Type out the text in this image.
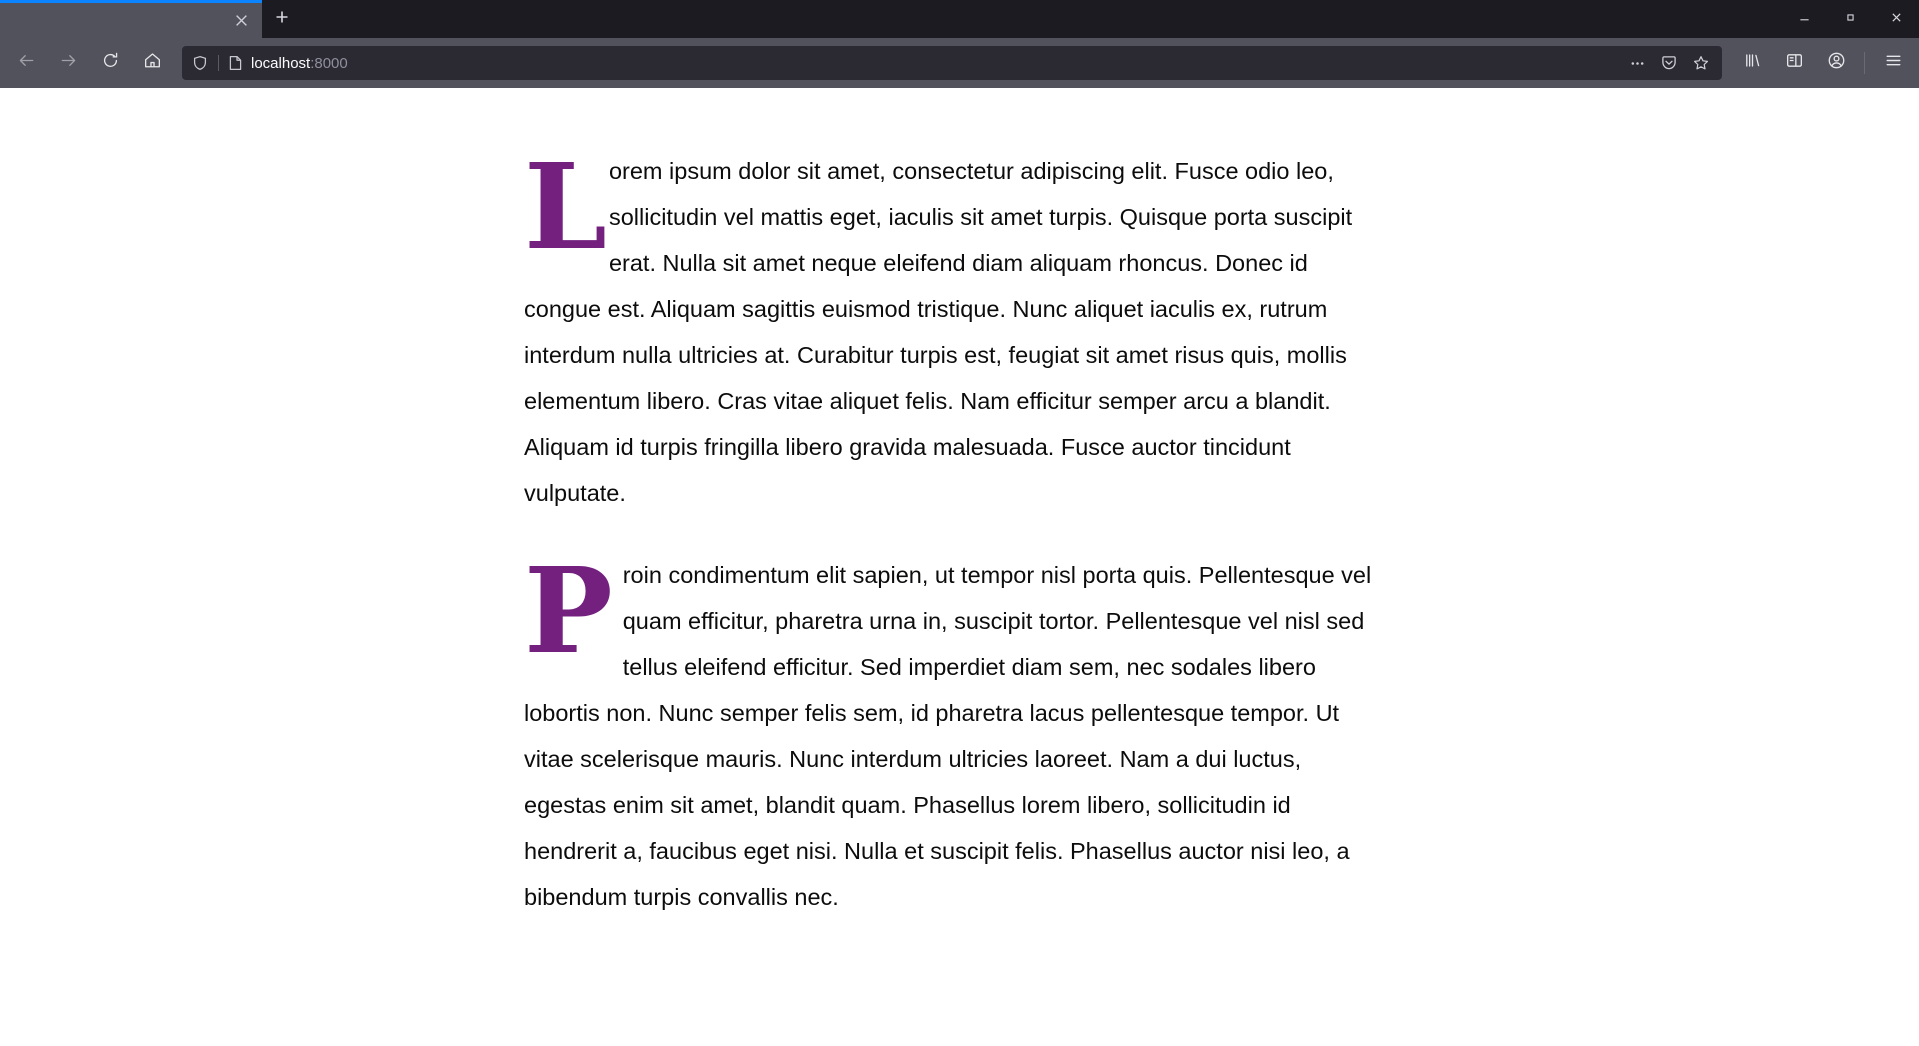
localhost:8000

Lorem ipsum dolor sit amet, consectetur adipiscing elit. Fusce odio leo, sollicitudin vel mattis eget, iaculis sit amet turpis. Quisque porta suscipit erat. Nulla sit amet neque eleifend diam aliquam rhoncus. Donec id congue est. Aliquam sagittis euismod tristique. Nunc aliquet iaculis ex, rutrum interdum nulla ultricies at. Curabitur turpis est, feugiat sit amet risus quis, mollis elementum libero. Cras vitae aliquet felis. Nam efficitur semper arcu a blandit. Aliquam id turpis fringilla libero gravida malesuada. Fusce auctor tincidunt vulputate.

Proin condimentum elit sapien, ut tempor nisl porta quis. Pellentesque vel quam efficitur, pharetra urna in, suscipit tortor. Pellentesque vel nisl sed tellus eleifend efficitur. Sed imperdiet diam sem, nec sodales libero lobortis non. Nunc semper felis sem, id pharetra lacus pellentesque tempor. Ut vitae scelerisque mauris. Nunc interdum ultricies laoreet. Nam a dui luctus, egestas enim sit amet, blandit quam. Phasellus lorem libero, sollicitudin id hendrerit a, faucibus eget nisi. Nulla et suscipit felis. Phasellus auctor nisi leo, a bibendum turpis convallis nec.
